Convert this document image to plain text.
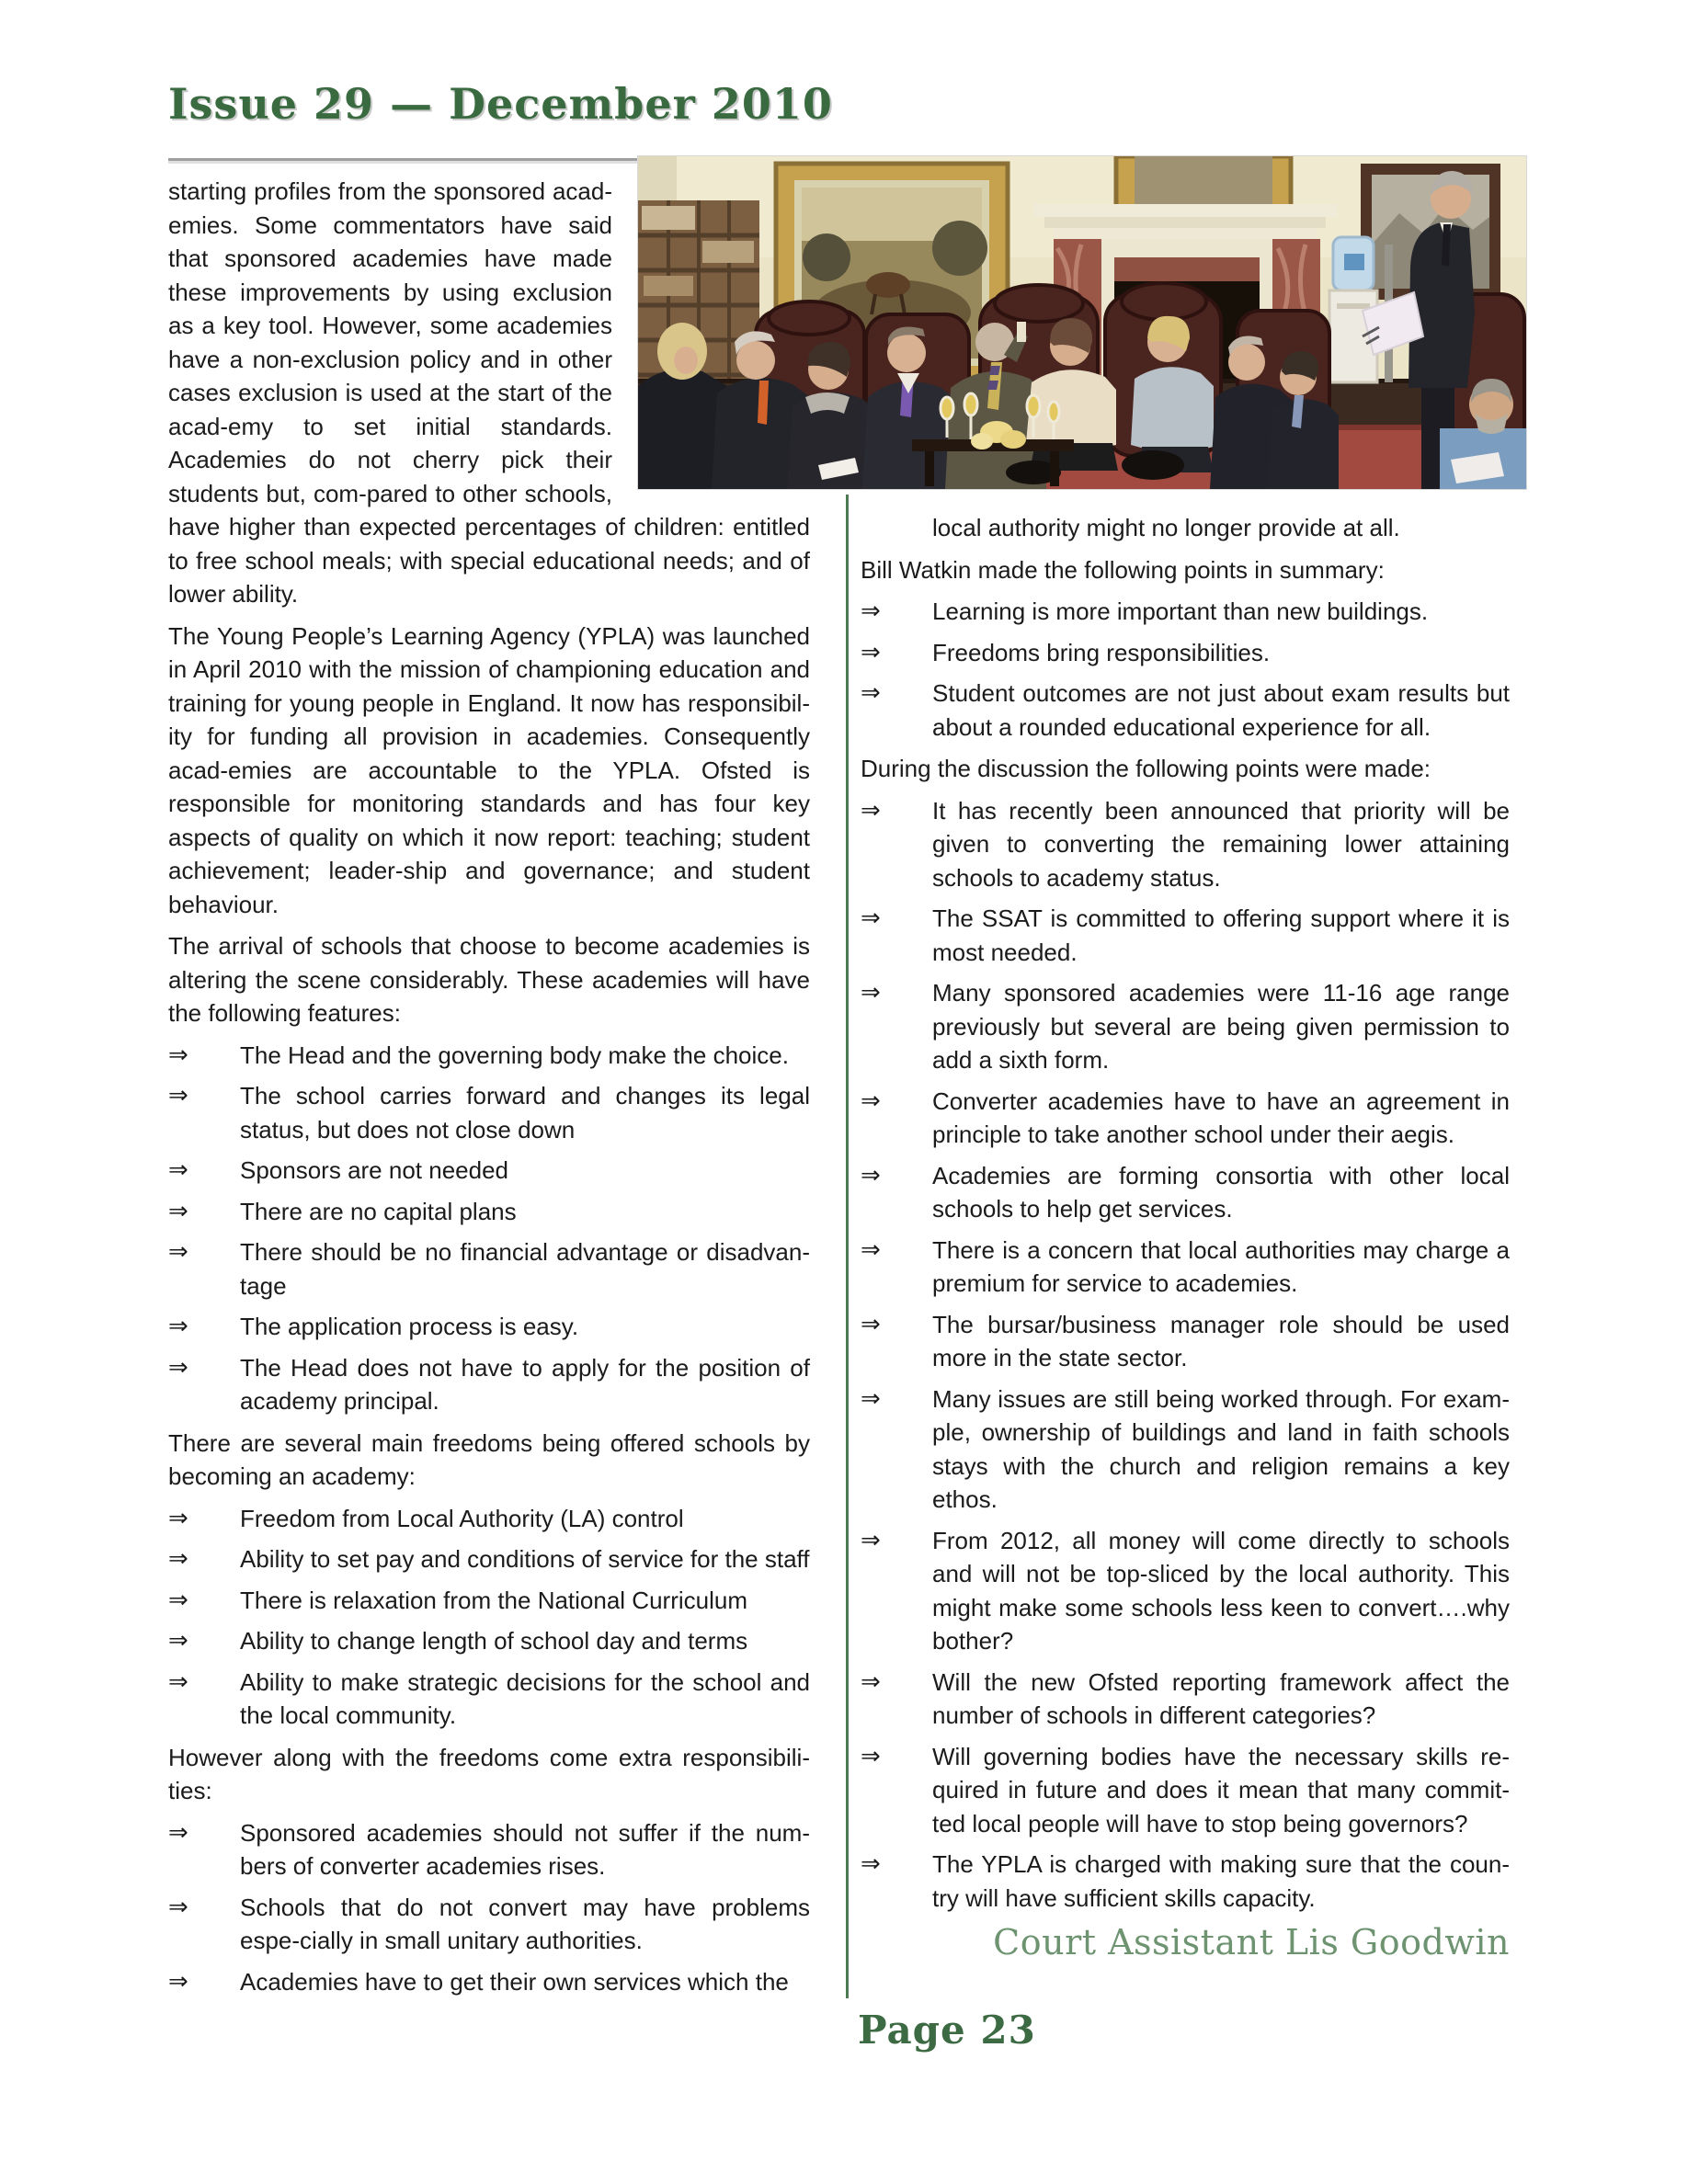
Issue 29 — December 2010

starting profiles from the sponsored acad-emies. Some commentators have said that sponsored academies have made these improvements by using exclusion as a key tool. However, some academies have a non-exclusion policy and in other cases exclusion is used at the start of the acad-emy to set initial standards. Academies do not cherry pick their students but, com-pared to other schools, have higher than expected percentages of children: entitled to free school meals; with special educational needs; and of lower ability.

The Young People’s Learning Agency (YPLA) was launched in April 2010 with the mission of championing education and training for young people in England. It now has responsibil-ity for funding all provision in academies. Consequently acad-emies are accountable to the YPLA. Ofsted is responsible for monitoring standards and has four key aspects of quality on which it now report: teaching; student achievement; leader-ship and governance; and student behaviour.

The arrival of schools that choose to become academies is altering the scene considerably. These academies will have the following features:

⇒	The Head and the governing body make the choice.
⇒	The school carries forward and changes its legal status, but does not close down
⇒	Sponsors are not needed
⇒	There are no capital plans
⇒	There should be no financial advantage or disadvan-tage
⇒	The application process is easy.
⇒	The Head does not have to apply for the position of academy principal.

There are several main freedoms being offered schools by becoming an academy:

⇒	Freedom from Local Authority (LA) control
⇒	Ability to set pay and conditions of service for the staff
⇒	There is relaxation from the National Curriculum
⇒	Ability to change length of school day and terms
⇒	Ability to make strategic decisions for the school and the local community.

However along with the freedoms come extra responsibili-ties:

⇒	Sponsored academies should not suffer if the num-bers of converter academies rises.
⇒	Schools that do not convert may have problems espe-cially in small unitary authorities.
⇒	Academies have to get their own services which the

local authority might no longer provide at all.

Bill Watkin made the following points in summary:

⇒	Learning is more important than new buildings.
⇒	Freedoms bring responsibilities.
⇒	Student outcomes are not just about exam results but about a rounded educational experience for all.

During the discussion the following points were made:

⇒	It has recently been announced that priority will be given to converting the remaining lower attaining schools to academy status.
⇒	The SSAT is committed to offering support where it is most needed.
⇒	Many sponsored academies were 11-16 age range previously but several are being given permission to add a sixth form.
⇒	Converter academies have to have an agreement in principle to take another school under their aegis.
⇒	Academies are forming consortia with other local schools to help get services.
⇒	There is a concern that local authorities may charge a premium for service to academies.
⇒	The bursar/business manager role should be used more in the state sector.
⇒	Many issues are still being worked through. For exam-ple, ownership of buildings and land in faith schools stays with the church and religion remains a key ethos.
⇒	From 2012, all money will come directly to schools and will not be top-sliced by the local authority. This might make some schools less keen to convert….why bother?
⇒	Will the new Ofsted reporting framework affect the number of schools in different categories?
⇒	Will governing bodies have the necessary skills re-quired in future and does it mean that many commit-ted local people will have to stop being governors?
⇒	The YPLA is charged with making sure that the coun-try will have sufficient skills capacity.
Court Assistant Lis Goodwin
Page 23
